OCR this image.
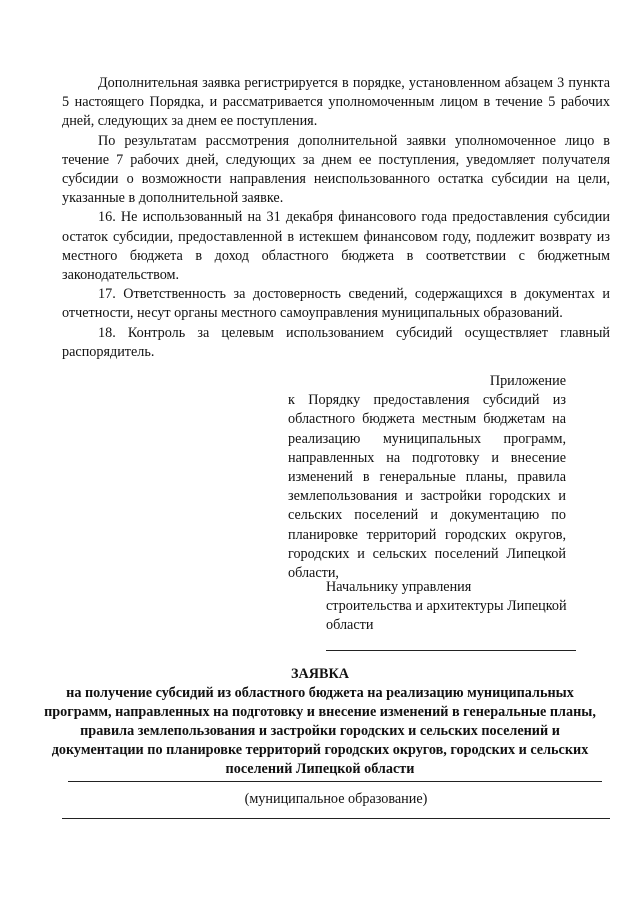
Дополнительная заявка регистрируется в порядке, установленном абзацем 3 пункта 5 настоящего Порядка, и рассматривается уполномоченным лицом в течение 5 рабочих дней, следующих за днем ее поступления.

По результатам рассмотрения дополнительной заявки уполномоченное лицо в течение 7 рабочих дней, следующих за днем ее поступления, уведомляет получателя субсидии о возможности направления неиспользованного остатка субсидии на цели, указанные в дополнительной заявке.

16. Не использованный на 31 декабря финансового года предоставления субсидии остаток субсидии, предоставленной в истекшем финансовом году, подлежит возврату из местного бюджета в доход областного бюджета в соответствии с бюджетным законодательством.

17. Ответственность за достоверность сведений, содержащихся в документах и отчетности, несут органы местного самоуправления муниципальных образований.

18. Контроль за целевым использованием субсидий осуществляет главный распорядитель.

Приложение

к Порядку предоставления субсидий из областного бюджета местным бюджетам на реализацию муниципальных программ, направленных на подготовку и внесение изменений в генеральные планы, правила землепользования и застройки городских и сельских поселений и документацию по планировке территорий городских округов, городских и сельских поселений Липецкой области,

Начальнику управления

строительства и архитектуры Липецкой

области

ЗАЯВКА

на получение субсидий из областного бюджета на реализацию муниципальных программ, направленных на подготовку и внесение изменений в генеральные планы, правила землепользования и застройки городских и сельских поселений и документации по планировке территорий городских округов, городских и сельских поселений Липецкой области

(муниципальное образование)
